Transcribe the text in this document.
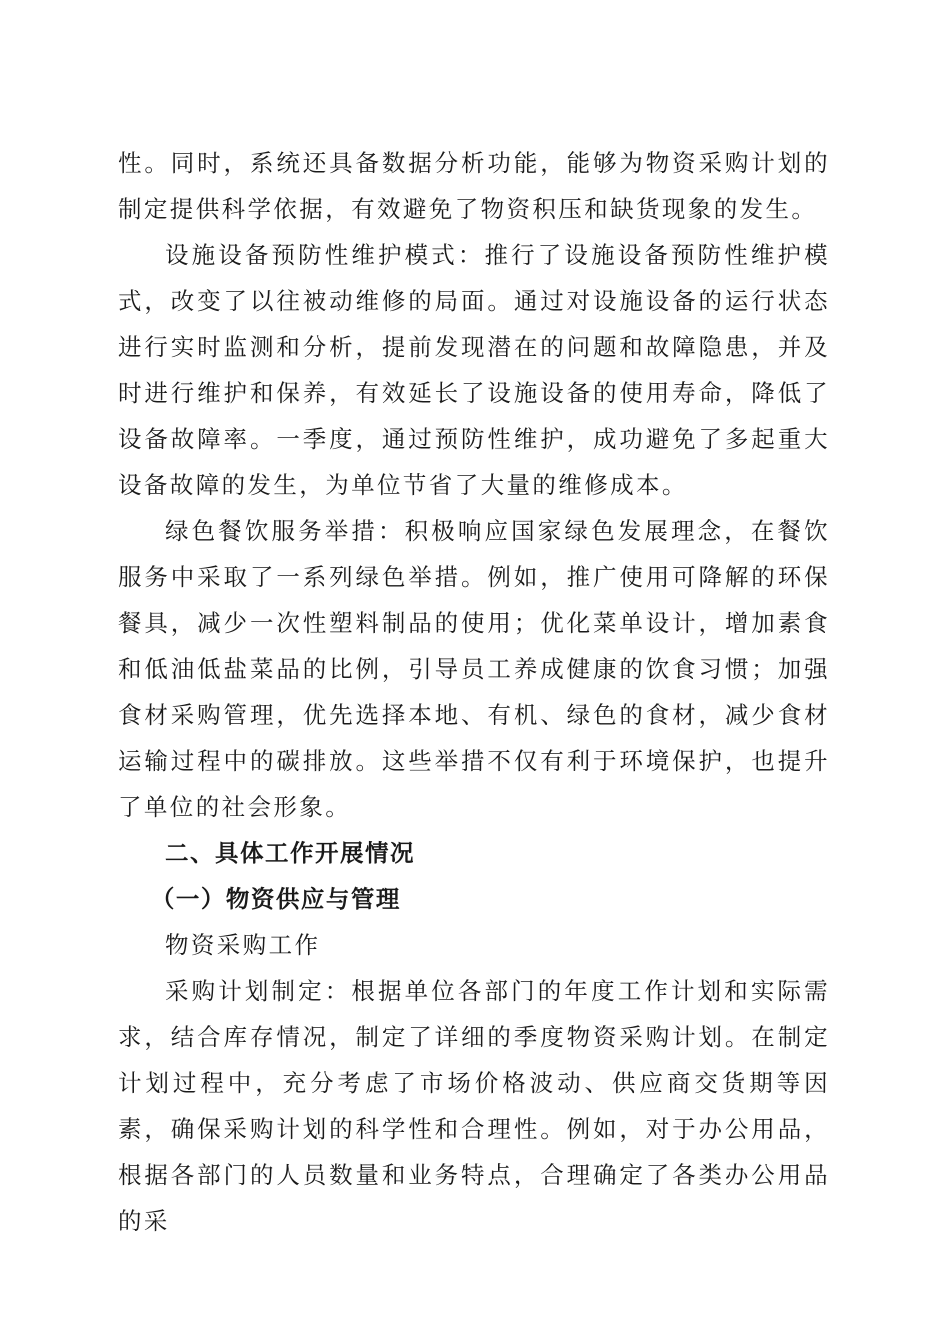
性。同时，系统还具备数据分析功能，能够为物资采购计划的制定提供科学依据，有效避免了物资积压和缺货现象的发生。

设施设备预防性维护模式：推行了设施设备预防性维护模式，改变了以往被动维修的局面。通过对设施设备的运行状态进行实时监测和分析，提前发现潜在的问题和故障隐患，并及时进行维护和保养，有效延长了设施设备的使用寿命，降低了设备故障率。一季度，通过预防性维护，成功避免了多起重大设备故障的发生，为单位节省了大量的维修成本。

绿色餐饮服务举措：积极响应国家绿色发展理念，在餐饮服务中采取了一系列绿色举措。例如，推广使用可降解的环保餐具，减少一次性塑料制品的使用；优化菜单设计，增加素食和低油低盐菜品的比例，引导员工养成健康的饮食习惯；加强食材采购管理，优先选择本地、有机、绿色的食材，减少食材运输过程中的碳排放。这些举措不仅有利于环境保护，也提升了单位的社会形象。

二、具体工作开展情况

（一）物资供应与管理

物资采购工作

采购计划制定：根据单位各部门的年度工作计划和实际需求，结合库存情况，制定了详细的季度物资采购计划。在制定计划过程中，充分考虑了市场价格波动、供应商交货期等因素，确保采购计划的科学性和合理性。例如，对于办公用品，根据各部门的人员数量和业务特点，合理确定了各类办公用品的采
